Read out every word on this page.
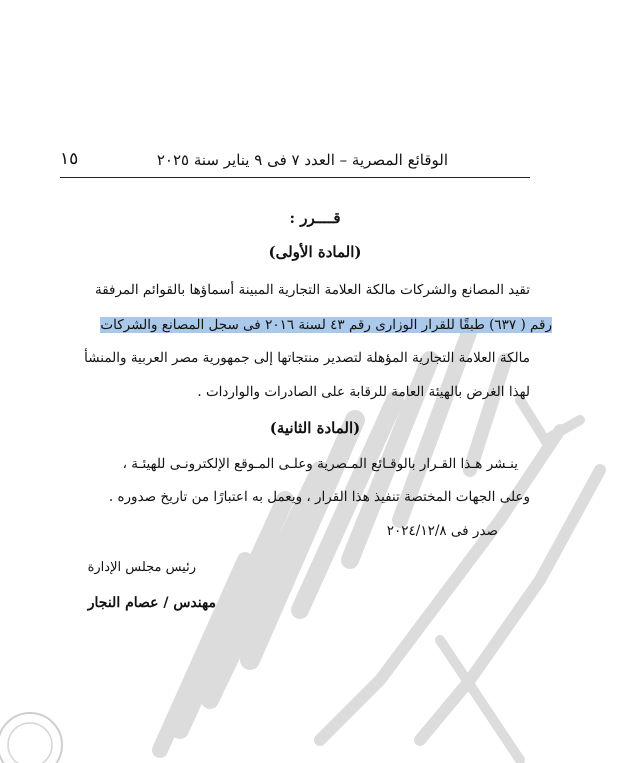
الوقائع المصرية – العدد ٧ فى ٩ يناير سنة ٢٠٢٥
١٥
قــــرر :
(المادة الأولى)
تقيد المصانع والشركات مالكة العلامة التجارية المبينة أسماؤها بالقوائم المرفقة
رقم ( ٦٣٧) طبقًا للقرار الوزارى رقم ٤٣ لسنة ٢٠١٦ فى سجل المصانع والشركات
مالكة العلامة التجارية المؤهلة لتصدير منتجاتها إلى جمهورية مصر العربية والمنشأ
لهذا الغرض بالهيئة العامة للرقابة على الصادرات والواردات .
(المادة الثانية)
ينـشر هـذا القـرار بالوقـائع المـصرية وعلـى المـوقع الإلكترونـى للهيئـة ،
وعلى الجهات المختصة تنفيذ هذا القرار ، ويعمل به اعتبارًا من تاريخ صدوره .
صدر فى ٢٠٢٤/١٢/٨
رئيس مجلس الإدارة
مهندس / عصام النجار
